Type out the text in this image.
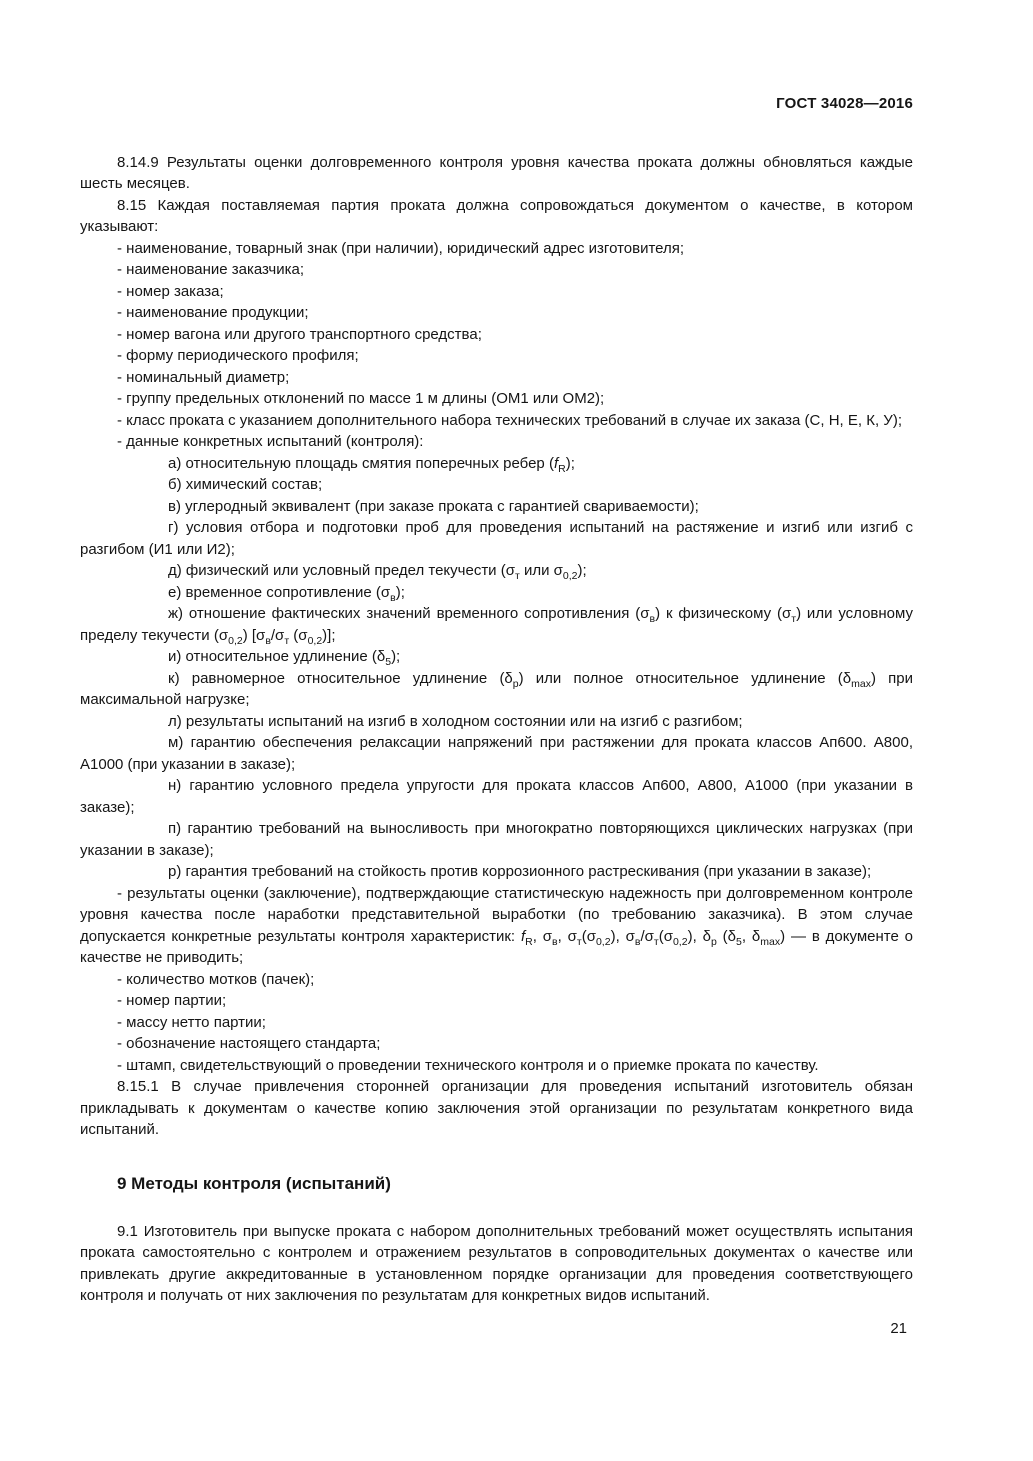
ГОСТ 34028—2016

8.14.9 Результаты оценки долговременного контроля уровня качества проката должны обновляться каждые шесть месяцев.

8.15 Каждая поставляемая партия проката должна сопровождаться документом о качестве, в котором указывают:

- наименование, товарный знак (при наличии), юридический адрес изготовителя;

- наименование заказчика;

- номер заказа;

- наименование продукции;

- номер вагона или другого транспортного средства;

- форму периодического профиля;

- номинальный диаметр;

- группу предельных отклонений по массе 1 м длины (ОМ1 или ОМ2);

- класс проката с указанием дополнительного набора технических требований в случае их заказа (С, Н, Е, К, У);

- данные конкретных испытаний (контроля):

а) относительную площадь смятия поперечных ребер $(f_R)$;

б) химический состав;

в) углеродный эквивалент (при заказе проката с гарантией свариваемости);

г) условия отбора и подготовки проб для проведения испытаний на растяжение и изгиб или изгиб с разгибом (И1 или И2);

д) физический или условный предел текучести ($\sigma_т$ или $\sigma_{0,2}$);

е) временное сопротивление $(\sigma_в)$;

ж) отношение фактических значений временного сопротивления $(\sigma_в)$ к физическому $(\sigma_т)$ или условному пределу текучести $(\sigma_{0,2})$ [$\sigma_в/\sigma_т$ $(\sigma_{0,2})$];

и) относительное удлинение $(\delta_5)$;

к) равномерное относительное удлинение $(\delta_р)$ или полное относительное удлинение $(\delta_{max})$ при максимальной нагрузке;

л) результаты испытаний на изгиб в холодном состоянии или на изгиб с разгибом;

м) гарантию обеспечения релаксации напряжений при растяжении для проката классов Ап600. А800, А1000 (при указании в заказе);

н) гарантию условного предела упругости для проката классов Ап600, А800, А1000 (при указании в заказе);

п) гарантию требований на выносливость при многократно повторяющихся циклических нагрузках (при указании в заказе);

р) гарантия требований на стойкость против коррозионного растрескивания (при указании в заказе);

- результаты оценки (заключение), подтверждающие статистическую надежность при долговременном контроле уровня качества после наработки представительной выработки (по требованию заказчика). В этом случае допускается конкретные результаты контроля характеристик: $f_R$, $\sigma_в$, $\sigma_т(\sigma_{0,2})$, $\sigma_в/\sigma_т(\sigma_{0,2})$, $\delta_р$ ($\delta_5$, $\delta_{max}$) — в документе о качестве не приводить;

- количество мотков (пачек);

- номер партии;

- массу нетто партии;

- обозначение настоящего стандарта;

- штамп, свидетельствующий о проведении технического контроля и о приемке проката по качеству.

8.15.1 В случае привлечения сторонней организации для проведения испытаний изготовитель обязан прикладывать к документам о качестве копию заключения этой организации по результатам конкретного вида испытаний.

9 Методы контроля (испытаний)

9.1 Изготовитель при выпуске проката с набором дополнительных требований может осуществлять испытания проката самостоятельно с контролем и отражением результатов в сопроводительных документах о качестве или привлекать другие аккредитованные в установленном порядке организации для проведения соответствующего контроля и получать от них заключения по результатам для конкретных видов испытаний.

21
